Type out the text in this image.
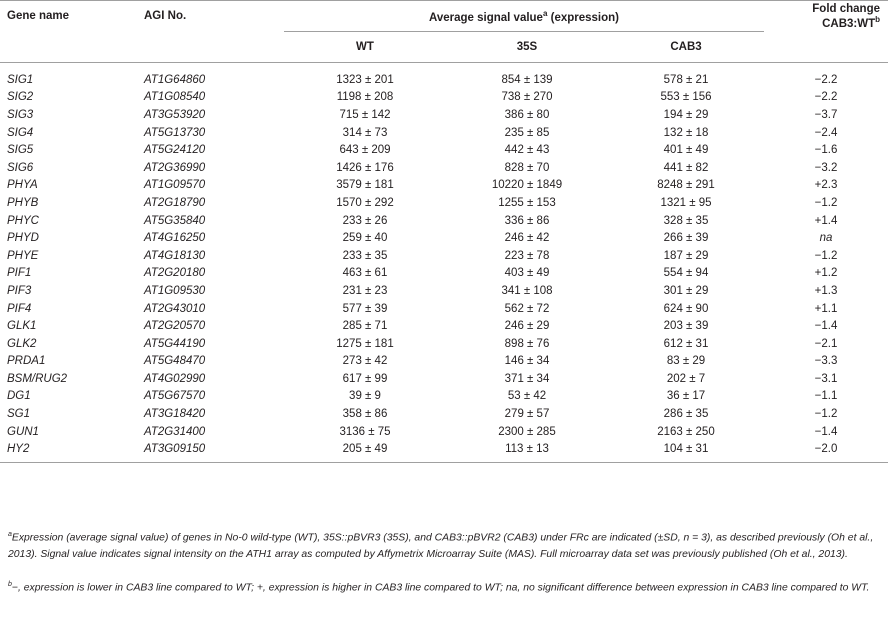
Gene name	AGI No.	Average signal value$^a$ (expression)			Fold change $CAB3:WT^b$
		WT	35S	CAB3	

SIG1	AT1G64860	1323 ± 201	854 ± 139	578 ± 21	−2.2
SIG2	AT1G08540	1198 ± 208	738 ± 270	553 ± 156	−2.2
SIG3	AT3G53920	715 ± 142	386 ± 80	194 ± 29	−3.7
SIG4	AT5G13730	314 ± 73	235 ± 85	132 ± 18	−2.4
SIG5	AT5G24120	643 ± 209	442 ± 43	401 ± 49	−1.6
SIG6	AT2G36990	1426 ± 176	828 ± 70	441 ± 82	−3.2
PHYA	AT1G09570	3579 ± 181	10220 ± 1849	8248 ± 291	+2.3
PHYB	AT2G18790	1570 ± 292	1255 ± 153	1321 ± 95	−1.2
PHYC	AT5G35840	233 ± 26	336 ± 86	328 ± 35	+1.4
PHYD	AT4G16250	259 ± 40	246 ± 42	266 ± 39	na
PHYE	AT4G18130	233 ± 35	223 ± 78	187 ± 29	−1.2
PIF1	AT2G20180	463 ± 61	403 ± 49	554 ± 94	+1.2
PIF3	AT1G09530	231 ± 23	341 ± 108	301 ± 29	+1.3
PIF4	AT2G43010	577 ± 39	562 ± 72	624 ± 90	+1.1
GLK1	AT2G20570	285 ± 71	246 ± 29	203 ± 39	−1.4
GLK2	AT5G44190	1275 ± 181	898 ± 76	612 ± 31	−2.1
PRDA1	AT5G48470	273 ± 42	146 ± 34	83 ± 29	−3.3
BSM/RUG2	AT4G02990	617 ± 99	371 ± 34	202 ± 7	−3.1
DG1	AT5G67570	39 ± 9	53 ± 42	36 ± 17	−1.1
SG1	AT3G18420	358 ± 86	279 ± 57	286 ± 35	−1.2
GUN1	AT2G31400	3136 ± 75	2300 ± 285	2163 ± 250	−1.4
HY2	AT3G09150	205 ± 49	113 ± 13	104 ± 31	−2.0
$^a$Expression (average signal value) of genes in No-0 wild-type (WT), 35S::pBVR3 (35S), and CAB3::pBVR2 (CAB3) under FRc are indicated (±SD, n = 3), as described previously (Oh et al., 2013). Signal value indicates signal intensity on the ATH1 array as computed by Affymetrix Microarray Suite (MAS). Full microarray data set was previously published (Oh et al., 2013).
$^b$−, expression is lower in CAB3 line compared to WT; +, expression is higher in CAB3 line compared to WT; na, no significant difference between expression in CAB3 line compared to WT.
